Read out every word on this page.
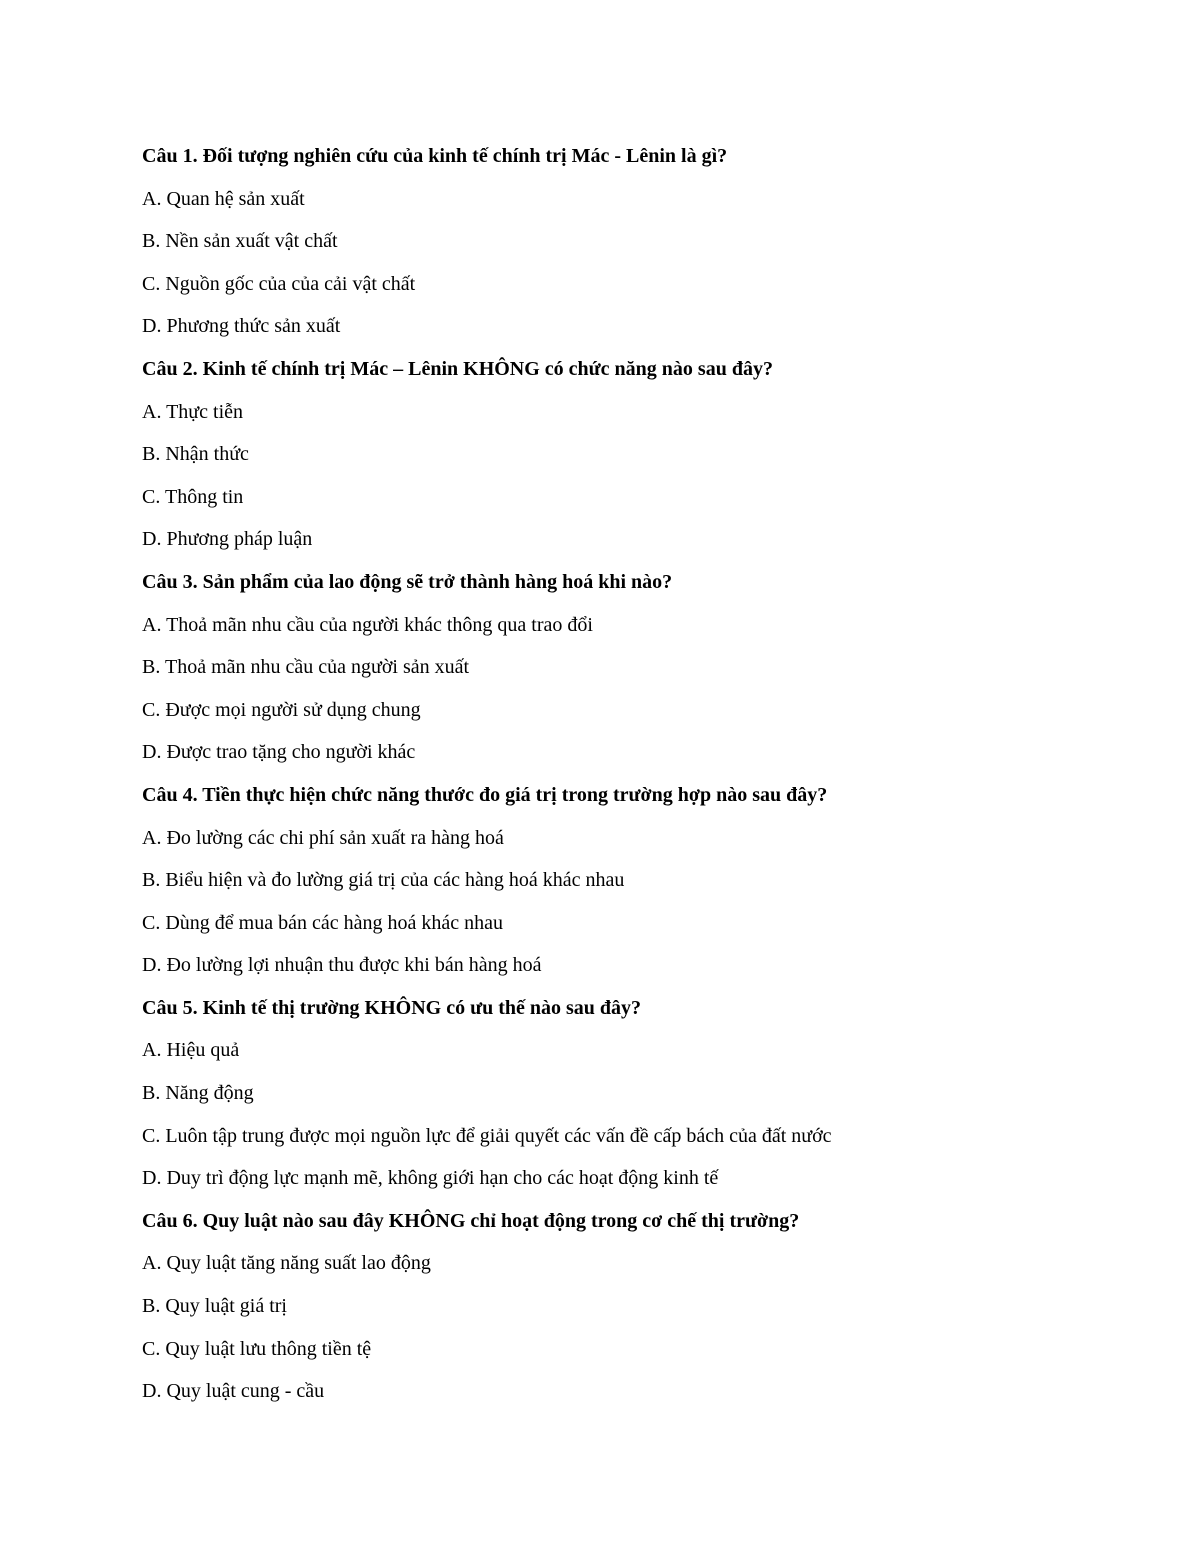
Câu 1. Đối tượng nghiên cứu của kinh tế chính trị Mác - Lênin là gì?
A. Quan hệ sản xuất
B. Nền sản xuất vật chất
C. Nguồn gốc của của cải vật chất
D. Phương thức sản xuất
Câu 2. Kinh tế chính trị Mác – Lênin KHÔNG có chức năng nào sau đây?
A. Thực tiễn
B. Nhận thức
C. Thông tin
D. Phương pháp luận
Câu 3. Sản phẩm của lao động sẽ trở thành hàng hoá khi nào?
A. Thoả mãn nhu cầu của người khác thông qua trao đổi
B. Thoả mãn nhu cầu của người sản xuất
C. Được mọi người sử dụng chung
D. Được trao tặng cho người khác
Câu 4. Tiền thực hiện chức năng thước đo giá trị trong trường hợp nào sau đây?
A. Đo lường các chi phí sản xuất ra hàng hoá
B. Biểu hiện và đo lường giá trị của các hàng hoá khác nhau
C. Dùng để mua bán các hàng hoá khác nhau
D. Đo lường lợi nhuận thu được khi bán hàng hoá
Câu 5. Kinh tế thị trường KHÔNG có ưu thế nào sau đây?
A. Hiệu quả
B. Năng động
C. Luôn tập trung được mọi nguồn lực để giải quyết các vấn đề cấp bách của đất nước
D. Duy trì động lực mạnh mẽ, không giới hạn cho các hoạt động kinh tế
Câu 6. Quy luật nào sau đây KHÔNG chỉ hoạt động trong cơ chế thị trường?
A. Quy luật tăng năng suất lao động
B. Quy luật giá trị
C. Quy luật lưu thông tiền tệ
D. Quy luật cung - cầu
